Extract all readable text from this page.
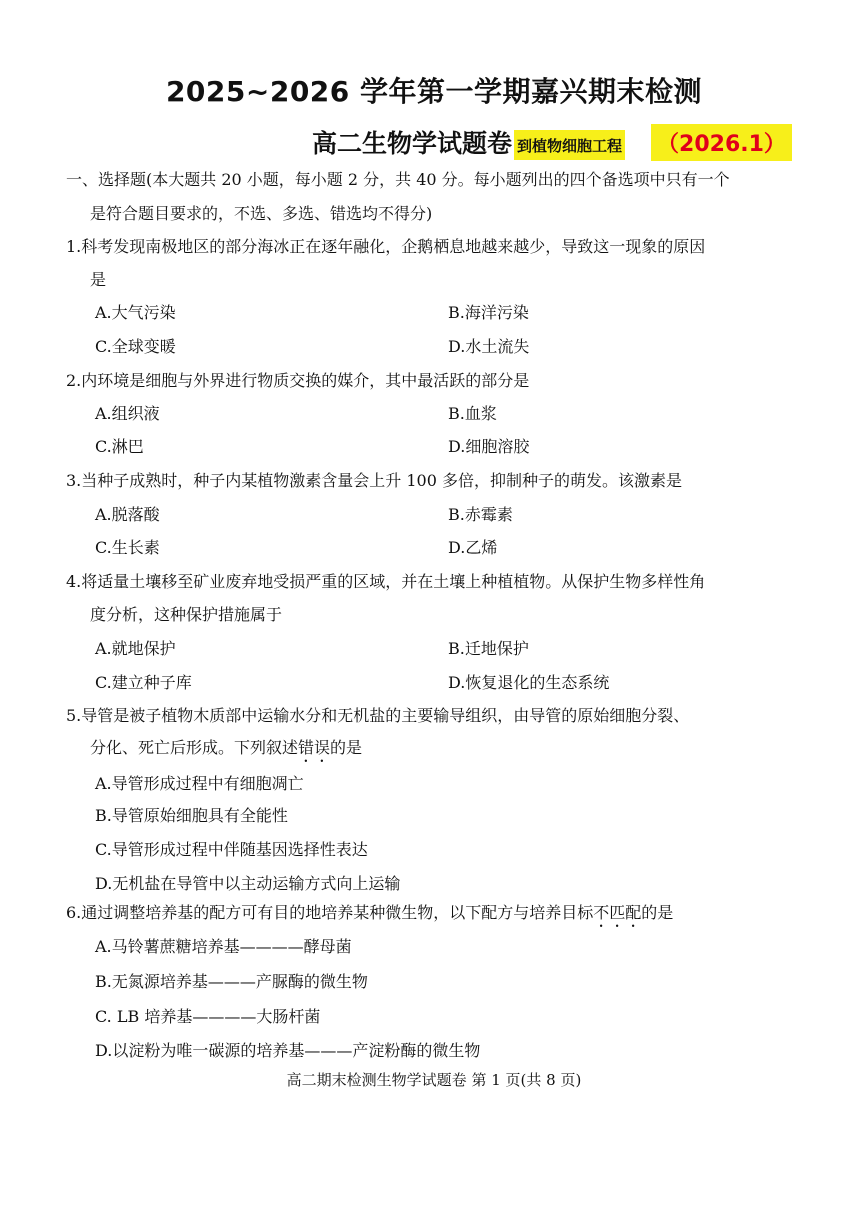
2025~2026 学年第一学期嘉兴期末检测
高二生物学试题卷 到植物细胞工程 （2026.1）
一、选择题(本大题共 20 小题，每小题 2 分，共 40 分。每小题列出的四个备选项中只有一个
是符合题目要求的，不选、多选、错选均不得分)
1.科考发现南极地区的部分海冰正在逐年融化，企鹅栖息地越来越少，导致这一现象的原因
是
A.大气污染	B.海洋污染
C.全球变暖	D.水土流失
2.内环境是细胞与外界进行物质交换的媒介，其中最活跃的部分是
A.组织液	B.血浆
C.淋巴	D.细胞溶胶
3.当种子成熟时，种子内某植物激素含量会上升 100 多倍，抑制种子的萌发。该激素是
A.脱落酸	B.赤霉素
C.生长素	D.乙烯
4.将适量土壤移至矿业废弃地受损严重的区域，并在土壤上种植植物。从保护生物多样性角
度分析，这种保护措施属于
A.就地保护	B.迁地保护
C.建立种子库	D.恢复退化的生态系统
5.导管是被子植物木质部中运输水分和无机盐的主要输导组织，由导管的原始细胞分裂、
分化、死亡后形成。下列叙述错误的是
A.导管形成过程中有细胞凋亡
B.导管原始细胞具有全能性
C.导管形成过程中伴随基因选择性表达
D.无机盐在导管中以主动运输方式向上运输
6.通过调整培养基的配方可有目的地培养某种微生物，以下配方与培养目标不匹配的是
A.马铃薯蔗糖培养基————酵母菌
B.无氮源培养基———产脲酶的微生物
C. LB 培养基————大肠杆菌
D.以淀粉为唯一碳源的培养基———产淀粉酶的微生物
高二期末检测生物学试题卷 第 1 页(共 8 页)
